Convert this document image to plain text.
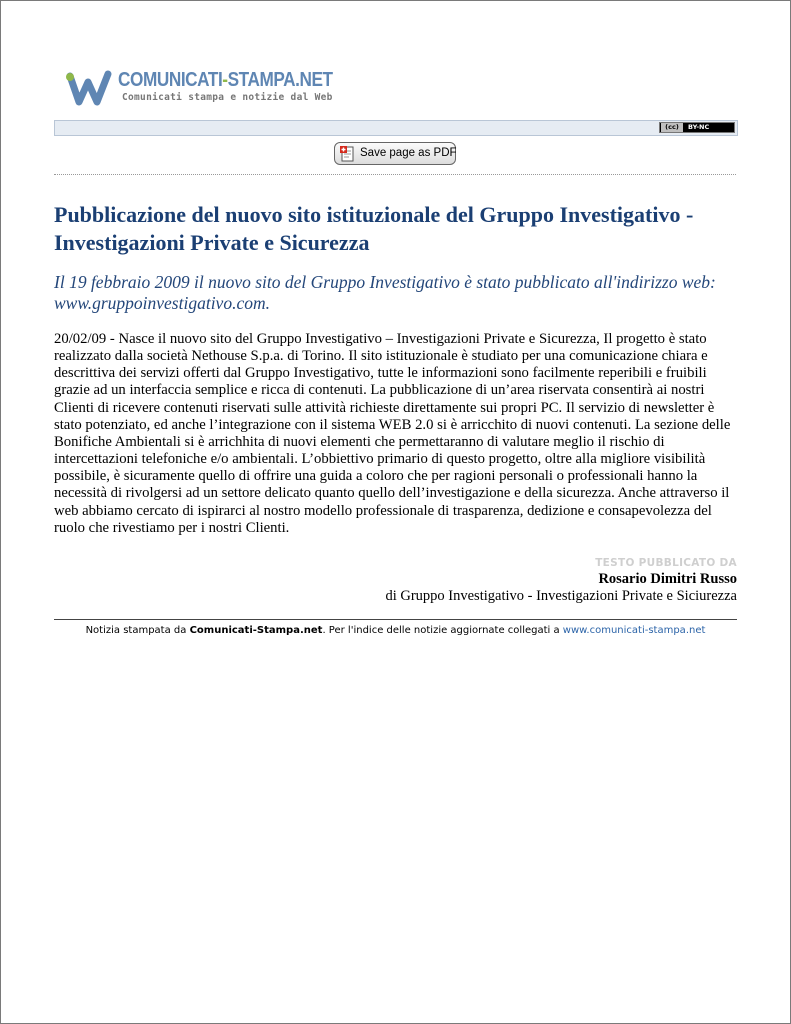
COMUNICATI-STAMPA.NET
Comunicati stampa e notizie dal Web
(cc)	BY-NC
Save page as PDF
Pubblicazione del nuovo sito istituzionale del Gruppo Investigativo - Investigazioni Private e Sicurezza

Il 19 febbraio 2009 il nuovo sito del Gruppo Investigativo è stato pubblicato all'indirizzo web: www.gruppoinvestigativo.com.

20/02/09 - Nasce il nuovo sito del Gruppo Investigativo – Investigazioni Private e Sicurezza, Il progetto è stato realizzato dalla società Nethouse S.p.a. di Torino. Il sito istituzionale è studiato per una comunicazione chiara e descrittiva dei servizi offerti dal Gruppo Investigativo, tutte le informazioni sono facilmente reperibili e fruibili grazie ad un interfaccia semplice e ricca di contenuti. La pubblicazione di un’area riservata consentirà ai nostri Clienti di ricevere contenuti riservati sulle attività richieste direttamente sui propri PC. Il servizio di newsletter è stato potenziato, ed anche l’integrazione con il sistema WEB 2.0 si è arricchito di nuovi contenuti. La sezione delle Bonifiche Ambientali si è arrichhita di nuovi elementi che permettaranno di valutare meglio il rischio di intercettazioni telefoniche e/o ambientali. L’obbiettivo primario di questo progetto, oltre alla migliore visibilità possibile, è sicuramente quello di offrire una guida a coloro che per ragioni personali o professionali hanno la necessità di rivolgersi ad un settore delicato quanto quello dell’investigazione e della sicurezza. Anche attraverso il web abbiamo cercato di ispirarci al nostro modello professionale di trasparenza, dedizione e consapevolezza del ruolo che rivestiamo per i nostri Clienti.

TESTO PUBBLICATO DA
Rosario Dimitri Russo
di Gruppo Investigativo - Investigazioni Private e Siciurezza
Notizia stampata da Comunicati-Stampa.net. Per l'indice delle notizie aggiornate collegati a www.comunicati-stampa.net
